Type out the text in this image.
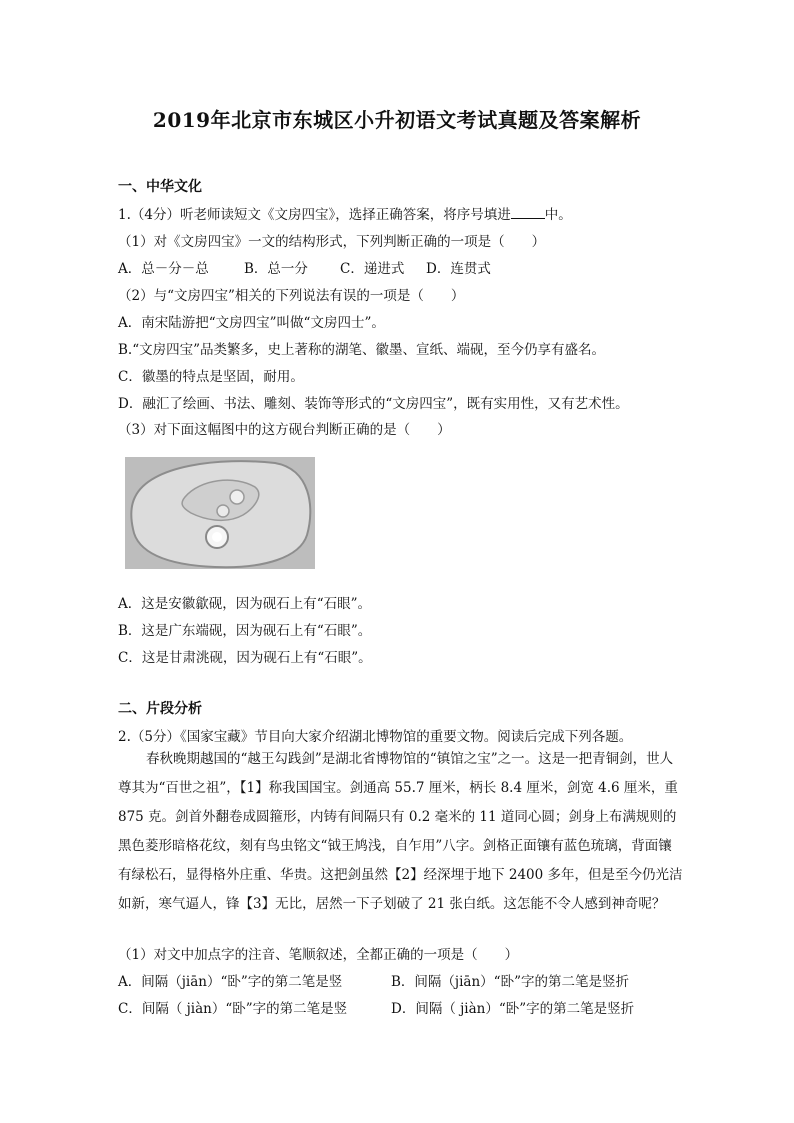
2019年北京市东城区小升初语文考试真题及答案解析
一、中华文化
1.（4分）听老师读短文《文房四宝》，选择正确答案，将序号填进	中。
（1）对《文房四宝》一文的结构形式，下列判断正确的一项是（　　）
A．总－分－总	B．总一分 C．递进式 D．连贯式
（2）与“文房四宝”相关的下列说法有误的一项是（　　）
A．南宋陆游把“文房四宝”叫做“文房四士”。
B.“文房四宝”品类繁多，史上著称的湖笔、徽墨、宣纸、端砚，至今仍享有盛名。
C．徽墨的特点是坚固，耐用。
D．融汇了绘画、书法、雕刻、装饰等形式的“文房四宝”，既有实用性，又有艺术性。
（3）对下面这幅图中的这方砚台判断正确的是（　　）
A．这是安徽歙砚，因为砚石上有“石眼”。
B．这是广东端砚，因为砚石上有“石眼”。
C．这是甘肃洮砚，因为砚石上有“石眼”。
二、片段分析
2.（5分）《国家宝藏》节目向大家介绍湖北博物馆的重要文物。阅读后完成下列各题。
春秋晚期越国的“越王勾践剑”是湖北省博物馆的“镇馆之宝”之一。这是一把青铜剑，世人尊其为“百世之祖”，【1】称我国国宝。剑通高 55.7 厘米，柄长 8.4 厘米，剑宽 4.6 厘米，重 875 克。剑首外翻卷成圆箍形，内铸有间隔只有 0.2 毫米的 11 道同心圆；剑身上布满规则的黑色菱形暗格花纹，刻有鸟虫铭文“钺王鸠浅，自乍用”八字。剑格正面镶有蓝色琉璃，背面镶有绿松石，显得格外庄重、华贵。这把剑虽然【2】经深埋于地下 2400 多年，但是至今仍光洁如新，寒气逼人，锋【3】无比，居然一下子划破了 21 张白纸。这怎能不令人感到神奇呢？
（1）对文中加点字的注音、笔顺叙述，全都正确的一项是（　　）
A．间隔（jiān）“卧”字的第二笔是竖	B．间隔（jiān）“卧”字的第二笔是竖折
C．间隔（ jiàn）“卧”字的第二笔是竖	D．间隔（ jiàn）“卧”字的第二笔是竖折
